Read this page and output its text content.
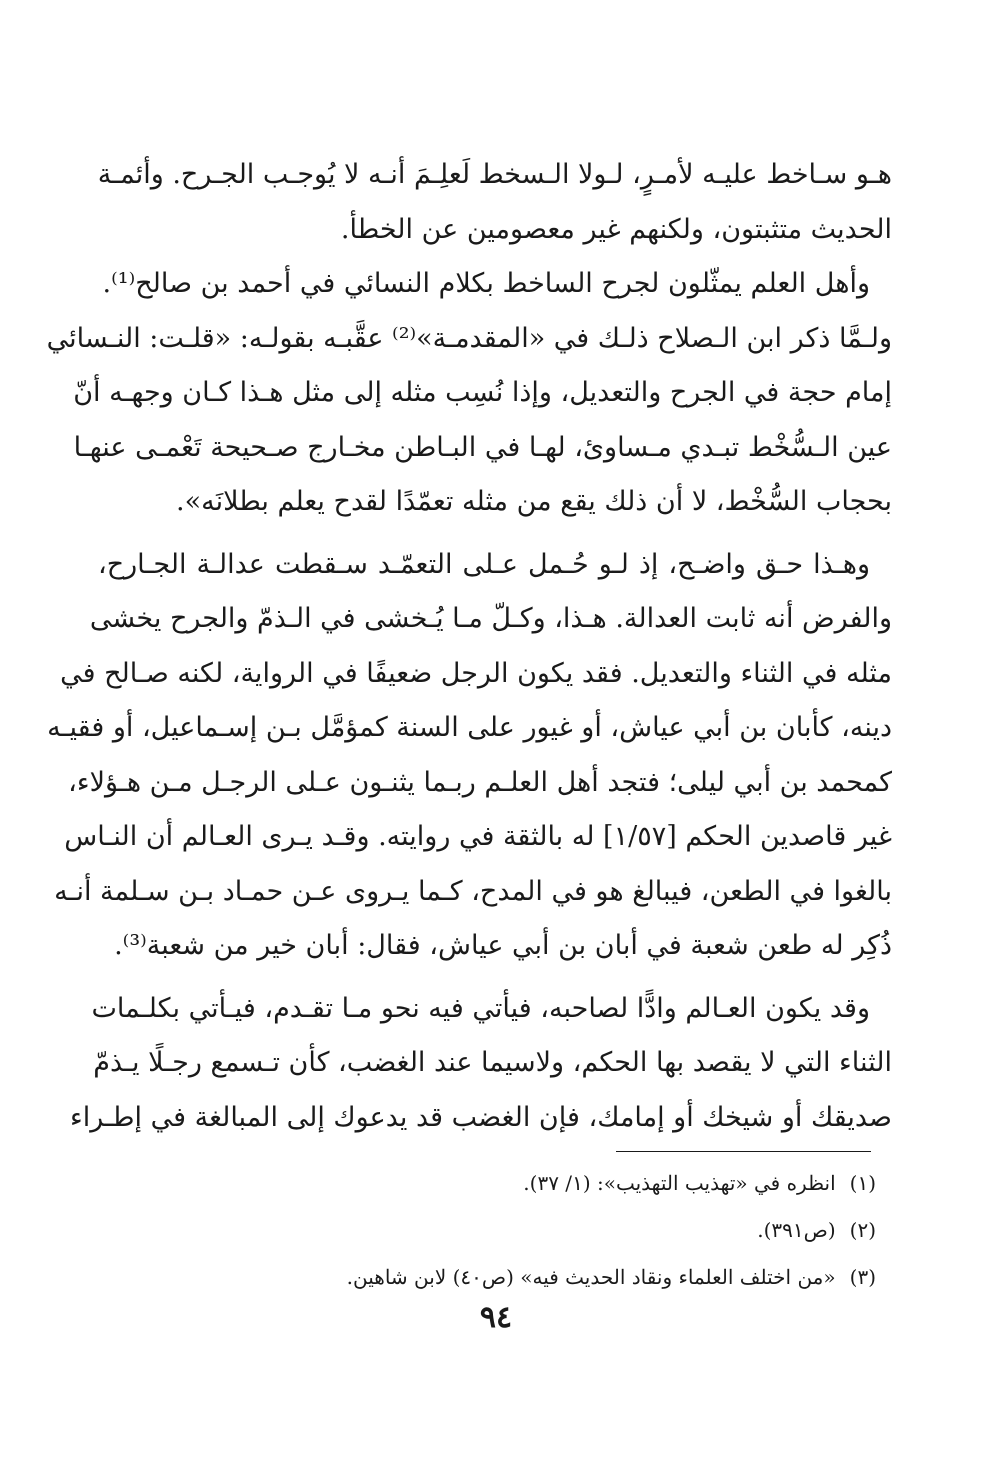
هـو سـاخط عليـه لأمـرٍ، لـولا الـسخط لَعلِـمَ أنـه لا يُوجـب الجـرح. وأئمـة
الحديث متثبتون، ولكنهم غير معصومين عن الخطأ.
وأهل العلم يمثّلون لجرح الساخط بكلام النسائي في أحمد بن صالح⁽¹⁾.
ولـمَّا ذكر ابن الـصلاح ذلـك في «المقدمـة»⁽²⁾ عقَّبـه بقولـه: «قلـت: النـسائي
إمام حجة في الجرح والتعديل، وإذا نُسِب مثله إلى مثل هـذا كـان وجهـه أنّ
عين الـسُّخْط تبـدي مـساوئ، لهـا في البـاطن مخـارج صـحيحة تَعْمـى عنهـا
بحجاب السُّخْط، لا أن ذلك يقع من مثله تعمّدًا لقدح يعلم بطلانَه».
وهـذا حـق واضـح، إذ لـو حُـمل عـلى التعمّـد سـقطت عدالـة الجـارح،
والفرض أنه ثابت العدالة. هـذا، وكـلّ مـا يُـخشى في الـذمّ والجرح يخشى
مثله في الثناء والتعديل. فقد يكون الرجل ضعيفًا في الرواية، لكنه صـالح في
دينه، كأبان بن أبي عياش، أو غيور على السنة كمؤمَّل بـن إسـماعيل، أو فقيـه
كمحمد بن أبي ليلى؛ فتجد أهل العلـم ربـما يثنـون عـلى الرجـل مـن هـؤلاء،
غير قاصدين الحكم [١/٥٧] له بالثقة في روايته. وقـد يـرى العـالم أن النـاس
بالغوا في الطعن، فيبالغ هو في المدح، كـما يـروى عـن حمـاد بـن سـلمة أنـه
ذُكِر له طعن شعبة في أبان بن أبي عياش، فقال: أبان خير من شعبة⁽³⁾.
وقد يكون العـالم وادًّا لصاحبه، فيأتي فيه نحو مـا تقـدم، فيـأتي بكلـمات
الثناء التي لا يقصد بها الحكم، ولاسيما عند الغضب، كأن تـسمع رجـلًا يـذمّ
صديقك أو شيخك أو إمامك، فإن الغضب قد يدعوك إلى المبالغة في إطـراء
(١)انظره في «تهذيب التهذيب»: (١/ ٣٧).
(٢)(ص٣٩١).
(٣)«من اختلف العلماء ونقاد الحديث فيه» (ص٤٠) لابن شاهين.
٩٤
